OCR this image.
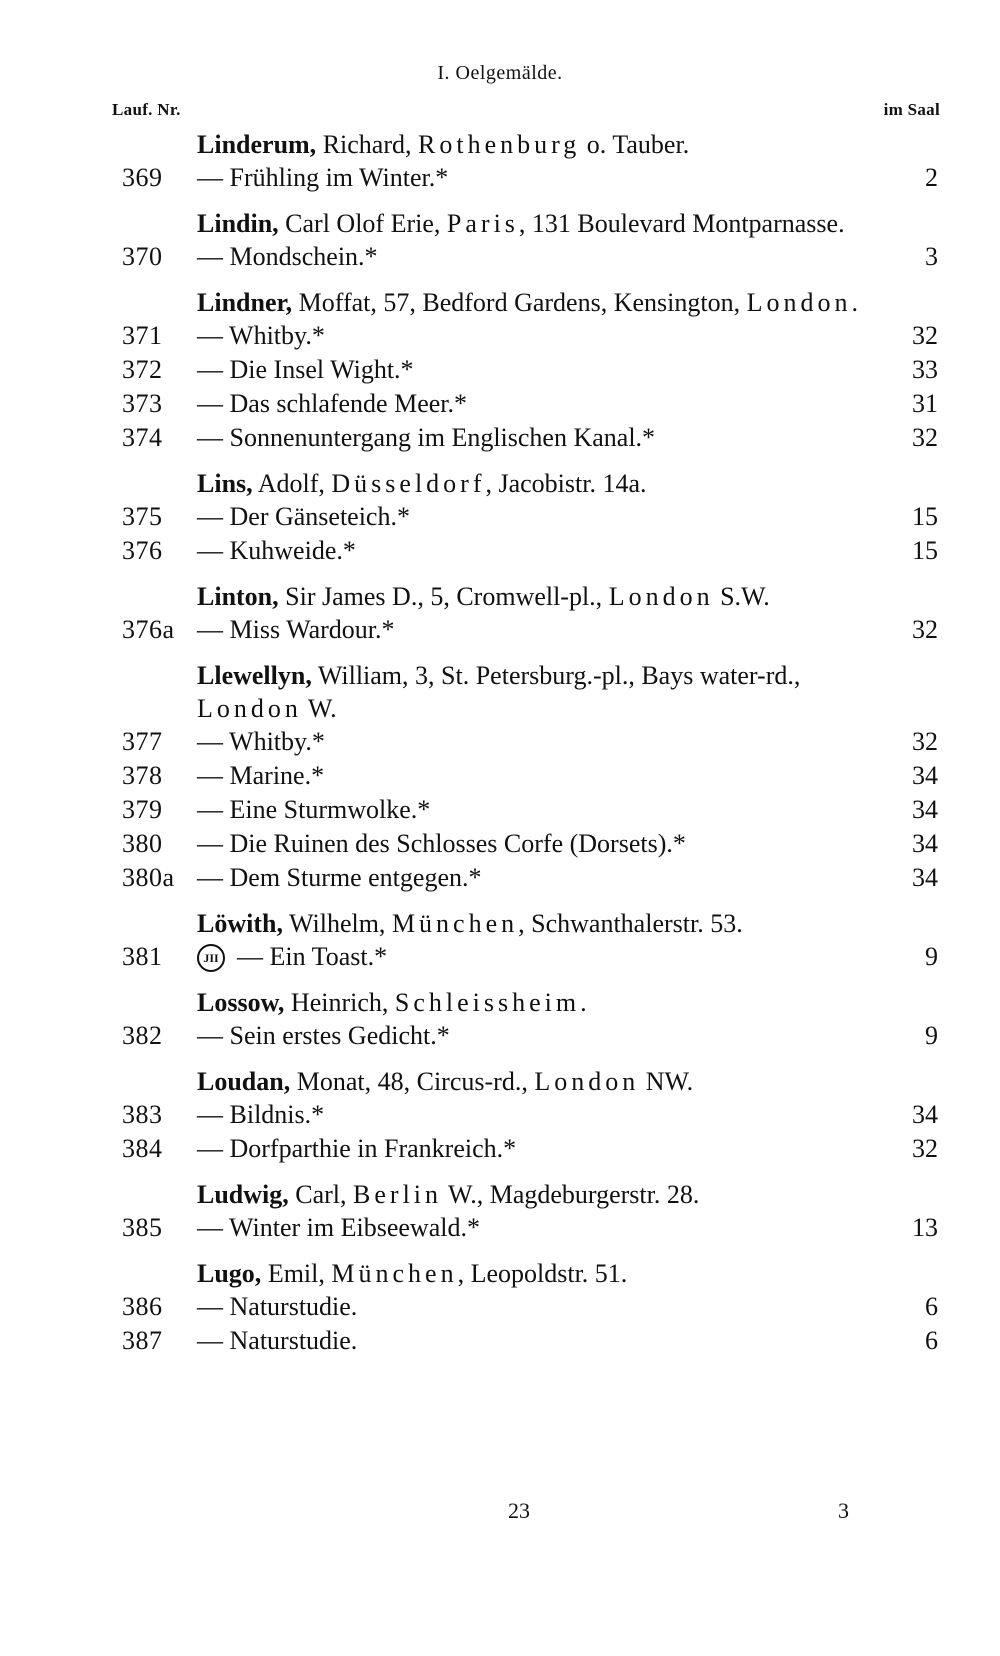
I. Oelgemälde.
Lauf. Nr.	im Saal
Linderum, Richard, Rothenburg o. Tauber.
369 — Frühling im Winter.*	2
Lindin, Carl Olof Erie, Paris, 131 Boulevard Montparnasse.
370 — Mondschein.*	3
Lindner, Moffat, 57, Bedford Gardens, Kensington, London.
371 — Whitby.*	32
372 — Die Insel Wight.*	33
373 — Das schlafende Meer.*	31
374 — Sonnenuntergang im Englischen Kanal.*	32
Lins, Adolf, Düsseldorf, Jacobistr. 14a.
375 — Der Gänseteich.*	15
376 — Kuhweide.*	15
Linton, Sir James D., 5, Cromwell-pl., London S.W.
376a — Miss Wardour.*	32
Llewellyn, William, 3, St. Petersburg.-pl., Bays water-rd., London W.
377 — Whitby.*	32
378 — Marine.*	34
379 — Eine Sturmwolke.*	34
380 — Die Ruinen des Schlosses Corfe (Dorsets).*	34
380a — Dem Sturme entgegen.*	34
Löwith, Wilhelm, München, Schwanthalerstr. 53.
381	JII — Ein Toast.*	9
Lossow, Heinrich, Schleissheim.
382 — Sein erstes Gedicht.*	9
Loudan, Monat, 48, Circus-rd., London NW.
383 — Bildnis.*	34
384 — Dorfparthie in Frankreich.*	32
Ludwig, Carl, Berlin W., Magdeburgerstr. 28.
385 — Winter im Eibseewald.*	13
Lugo, Emil, München, Leopoldstr. 51.
386 — Naturstudie.	6
387 — Naturstudie.	6
23	3
